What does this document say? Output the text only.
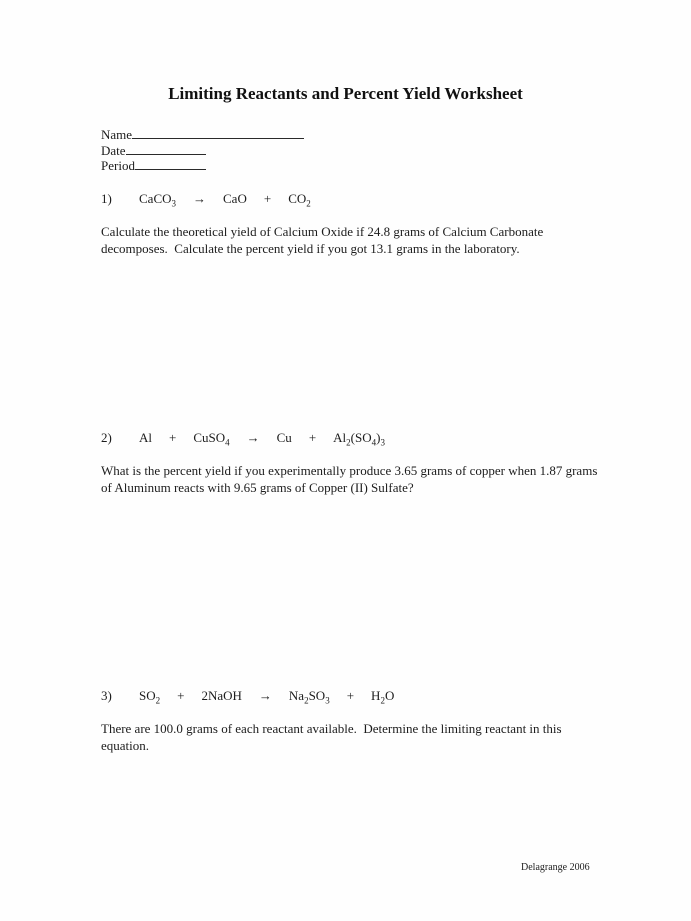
Limiting Reactants and Percent Yield Worksheet
Name
Date
Period
1)	CaCO$_3$ → CaO + $CO_2$

Calculate the theoretical yield of Calcium Oxide if 24.8 grams of Calcium Carbonate decomposes.  Calculate the percent yield if you got 13.1 grams in the laboratory.

2)	Al + CuSO$_4$ → $Cu + Al_2(SO_4)_3$

What is the percent yield if you experimentally produce 3.65 grams of copper when 1.87 grams of Aluminum reacts with 9.65 grams of Copper (II) Sulfate?

3)	$SO_2$ + 2NaOH → $Na_2SO_3 + H_2O$

There are 100.0 grams of each reactant available.  Determine the limiting reactant in this equation.

Delagrange 2006
